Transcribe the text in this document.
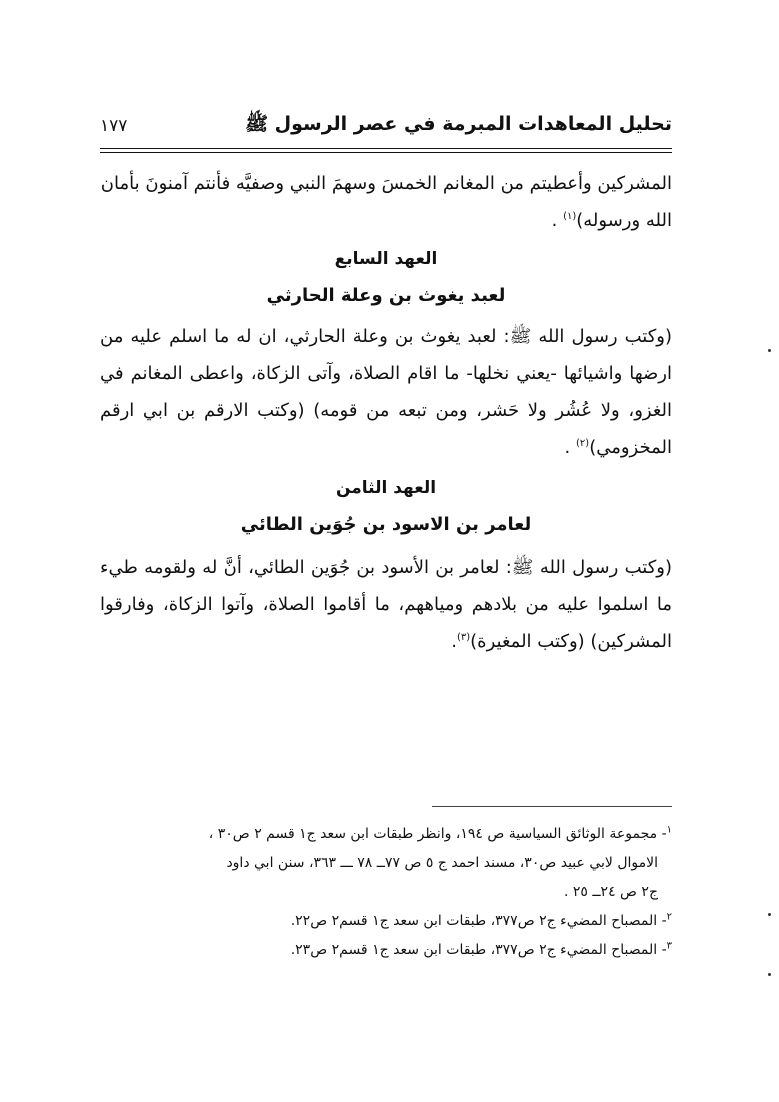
١٧٧	تحليل المعاهدات المبرمة في عصر الرسول ﷺ
المشركين وأعطيتم من المغانم الخمسَ وسهمَ النبي وصفيَّه فأنتم آمنونَ بأمان
الله ورسوله)$^{(١)}$ .
العهد السابع
لعبد يغوث بن وعلة الحارثي
(وكتب رسول الله ﷺ: لعبد يغوث بن وعلة الحارثي، ان له ما اسلم عليه من ارضها واشيائها -يعني نخلها- ما اقام الصلاة، وآتى الزكاة، واعطى المغانم في الغزو، ولا عُشُر ولا حَشر، ومن تبعه من قومه) (وكتب الارقم بن ابي ارقم المخزومي)$^{(٢)}$ .
العهد الثامن
لعامر بن الاسود بن جُوَين الطائي
(وكتب رسول الله ﷺ: لعامر بن الأسود بن جُوَين الطائي، أنَّ له ولقومه طيء ما اسلموا عليه من بلادهم ومياههم، ما أقاموا الصلاة، وآتوا الزكاة، وفارقوا المشركين) (وكتب المغيرة)$^{(٣)}$.
$^١$- مجموعة الوثائق السياسية ص ١٩٤، وانظر طبقات ابن سعد ج١ قسم ٢ ص٣٠ ،
الاموال لابي عبيد ص٣٠، مسند احمد ج ٥ ص ٧٧ــ ٧٨ ـــ ٣٦٣، سنن ابي داود
ج٢ ص ٢٤ــ ٢٥ .
$^٢$- المصباح المضيء ج٢ ص٣٧٧، طبقات ابن سعد ج١ قسم٢ ص٢٢.
$^٣$- المصباح المضيء ج٢ ص٣٧٧، طبقات ابن سعد ج١ قسم٢ ص٢٣.
